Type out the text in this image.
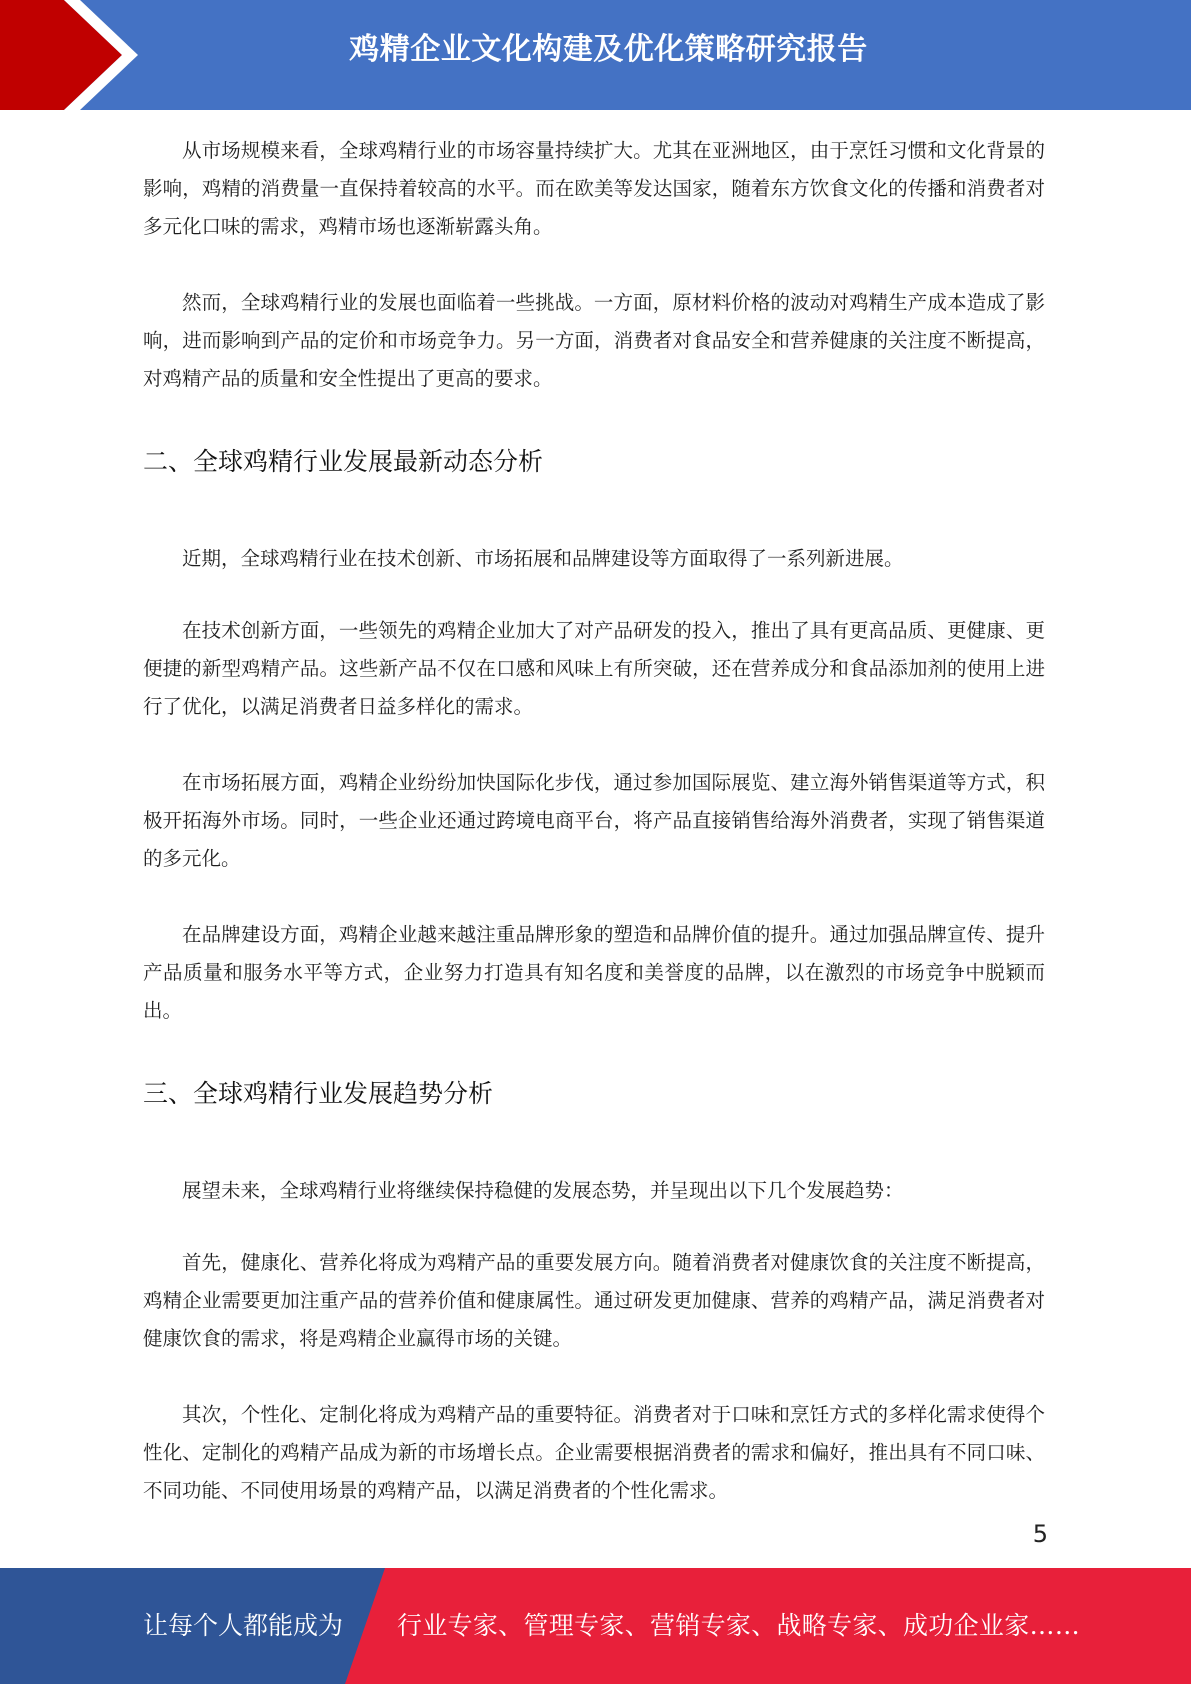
鸡精企业文化构建及优化策略研究报告

从市场规模来看，全球鸡精行业的市场容量持续扩大。尤其在亚洲地区，由于烹饪习惯和文化背景的影响，鸡精的消费量一直保持着较高的水平。而在欧美等发达国家，随着东方饮食文化的传播和消费者对多元化口味的需求，鸡精市场也逐渐崭露头角。

然而，全球鸡精行业的发展也面临着一些挑战。一方面，原材料价格的波动对鸡精生产成本造成了影响，进而影响到产品的定价和市场竞争力。另一方面，消费者对食品安全和营养健康的关注度不断提高，对鸡精产品的质量和安全性提出了更高的要求。

二、全球鸡精行业发展最新动态分析

近期，全球鸡精行业在技术创新、市场拓展和品牌建设等方面取得了一系列新进展。

在技术创新方面，一些领先的鸡精企业加大了对产品研发的投入，推出了具有更高品质、更健康、更便捷的新型鸡精产品。这些新产品不仅在口感和风味上有所突破，还在营养成分和食品添加剂的使用上进行了优化，以满足消费者日益多样化的需求。

在市场拓展方面，鸡精企业纷纷加快国际化步伐，通过参加国际展览、建立海外销售渠道等方式，积极开拓海外市场。同时，一些企业还通过跨境电商平台，将产品直接销售给海外消费者，实现了销售渠道的多元化。

在品牌建设方面，鸡精企业越来越注重品牌形象的塑造和品牌价值的提升。通过加强品牌宣传、提升产品质量和服务水平等方式，企业努力打造具有知名度和美誉度的品牌，以在激烈的市场竞争中脱颖而出。

三、全球鸡精行业发展趋势分析

展望未来，全球鸡精行业将继续保持稳健的发展态势，并呈现出以下几个发展趋势：

首先，健康化、营养化将成为鸡精产品的重要发展方向。随着消费者对健康饮食的关注度不断提高，鸡精企业需要更加注重产品的营养价值和健康属性。通过研发更加健康、营养的鸡精产品，满足消费者对健康饮食的需求，将是鸡精企业赢得市场的关键。

其次，个性化、定制化将成为鸡精产品的重要特征。消费者对于口味和烹饪方式的多样化需求使得个性化、定制化的鸡精产品成为新的市场增长点。企业需要根据消费者的需求和偏好，推出具有不同口味、不同功能、不同使用场景的鸡精产品，以满足消费者的个性化需求。

5
让每个人都能成为 行业专家、管理专家、营销专家、战略专家、成功企业家……
